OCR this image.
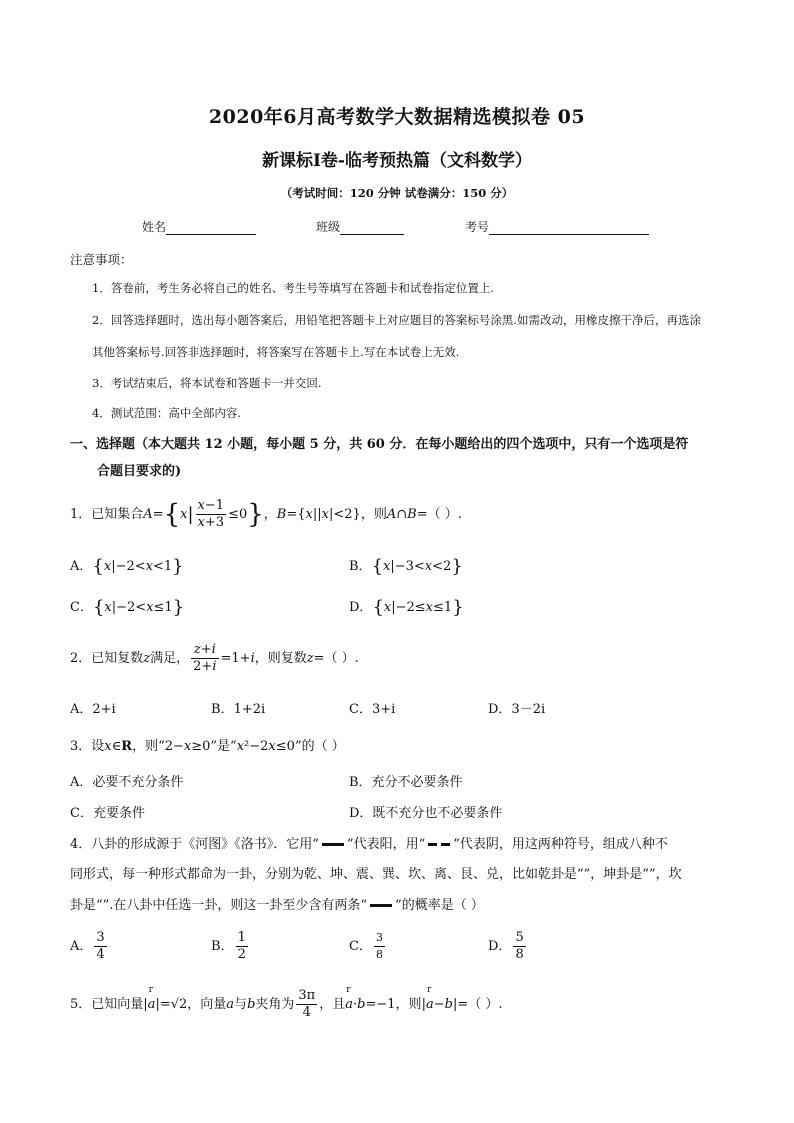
2020年6月高考数学大数据精选模拟卷 05
新课标Ⅰ卷-临考预热篇（文科数学）
（考试时间：120 分钟 试卷满分：150 分）
姓名	班级	考号
注意事项：
1．答卷前，考生务必将自己的姓名、考生号等填写在答题卡和试卷指定位置上.
2．回答选择题时，选出每小题答案后，用铅笔把答题卡上对应题目的答案标号涂黑.如需改动，用橡皮擦干净后，再选涂
其他答案标号.回答非选择题时，将答案写在答题卡上.写在本试卷上无效.
3．考试结束后，将本试卷和答题卡一并交回.
4．测试范围：高中全部内容.
一、选择题（本大题共 12 小题，每小题 5 分，共 60 分．在每小题给出的四个选项中，只有一个选项是符
合题目要求的)
1．已知集合$A=\{x| \frac{x-1}{x+3} \le 0\}$，B={x||x|<2}，则A∩B=（ ）.
A．{x|−2<x<1}	B．{x|−3<x<2}
C．{x|−2<x≤1}	D．{x|−2≤x≤1}
2．已知复数z满足， $\frac{z+i}{2+i} =1+i$，则复数z=（ ）.
A．2+i	B．1+2i	C．3+i	D．3－2i
3．设x∈R，则“2−x≥0”是“x²−2x≤0”的（ ）
A．必要不充分条件	B．充分不必要条件
C．充要条件	D．既不充分也不必要条件
4．八卦的形成源于《河图》《洛书》．它用“ ”代表阳，用“ ”代表阴，用这两种符号，组成八种不
同形式，每一种形式都命为一卦，分别为乾、坤、震、巽、坎、离、艮、兑，比如乾卦是“”，坤卦是“”，坎
卦是“”.在八卦中任选一卦，则这一卦至少含有两条“ ”的概率是（ ）
A． $\frac{3}{4}$	B． $\frac{1}{2}$	C． $\frac{3}{8}$	D． $\frac{5}{8}$
5．已知向量|r a|=√2，向量a与b夹角为 $\frac{3\pi}{4}$ ，且r a·b=−1，则|r a−b|=（ ）.
